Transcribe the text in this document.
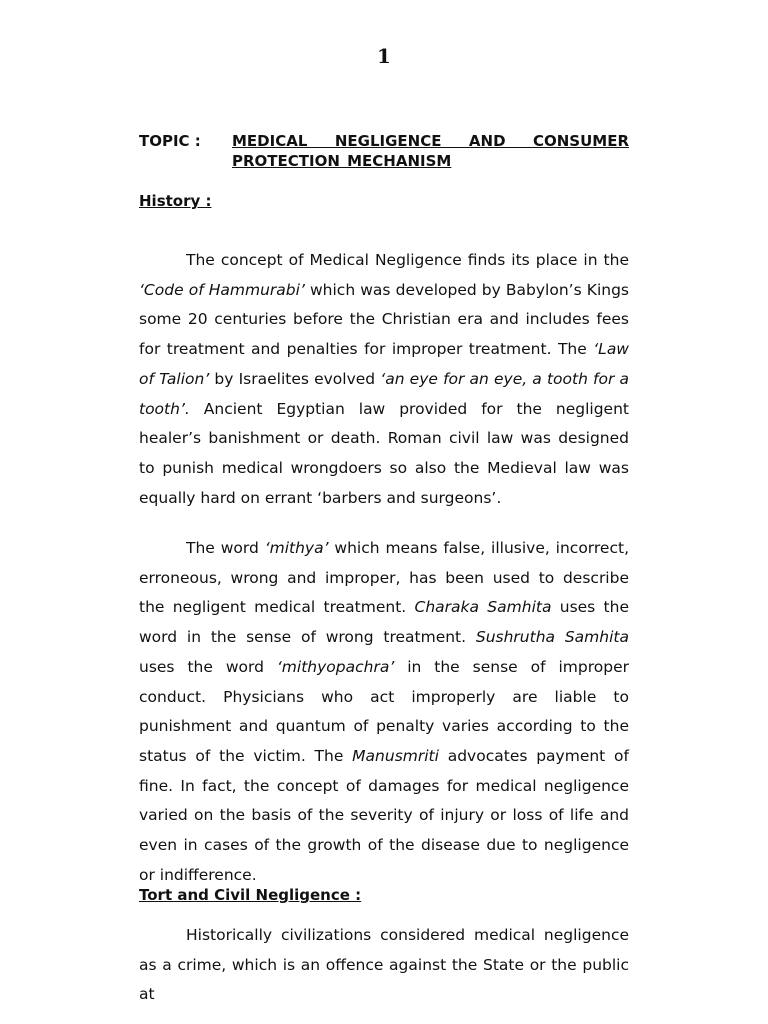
1
TOPIC : MEDICAL NEGLIGENCE AND CONSUMER PROTECTION MECHANISM
History :

The concept of Medical Negligence finds its place in the ‘Code of Hammurabi’ which was developed by Babylon’s Kings some 20 centuries before the Christian era and includes fees for treatment and penalties for improper treatment. The ‘Law of Talion’ by Israelites evolved ‘an eye for an eye, a tooth for a tooth’. Ancient Egyptian law provided for the negligent healer’s banishment or death. Roman civil law was designed to punish medical wrongdoers so also the Medieval law was equally hard on errant ‘barbers and surgeons’.

The word ‘mithya’ which means false, illusive, incorrect, erroneous, wrong and improper, has been used to describe the negligent medical treatment. Charaka Samhita uses the word in the sense of wrong treatment. Sushrutha Samhita uses the word ‘mithyopachra’ in the sense of improper conduct. Physicians who act improperly are liable to punishment and quantum of penalty varies according to the status of the victim. The Manusmriti advocates payment of fine. In fact, the concept of damages for medical negligence varied on the basis of the severity of injury or loss of life and even in cases of the growth of the disease due to negligence or indifference.

Tort and Civil Negligence :

Historically civilizations considered medical negligence as a crime, which is an offence against the State or the public at
